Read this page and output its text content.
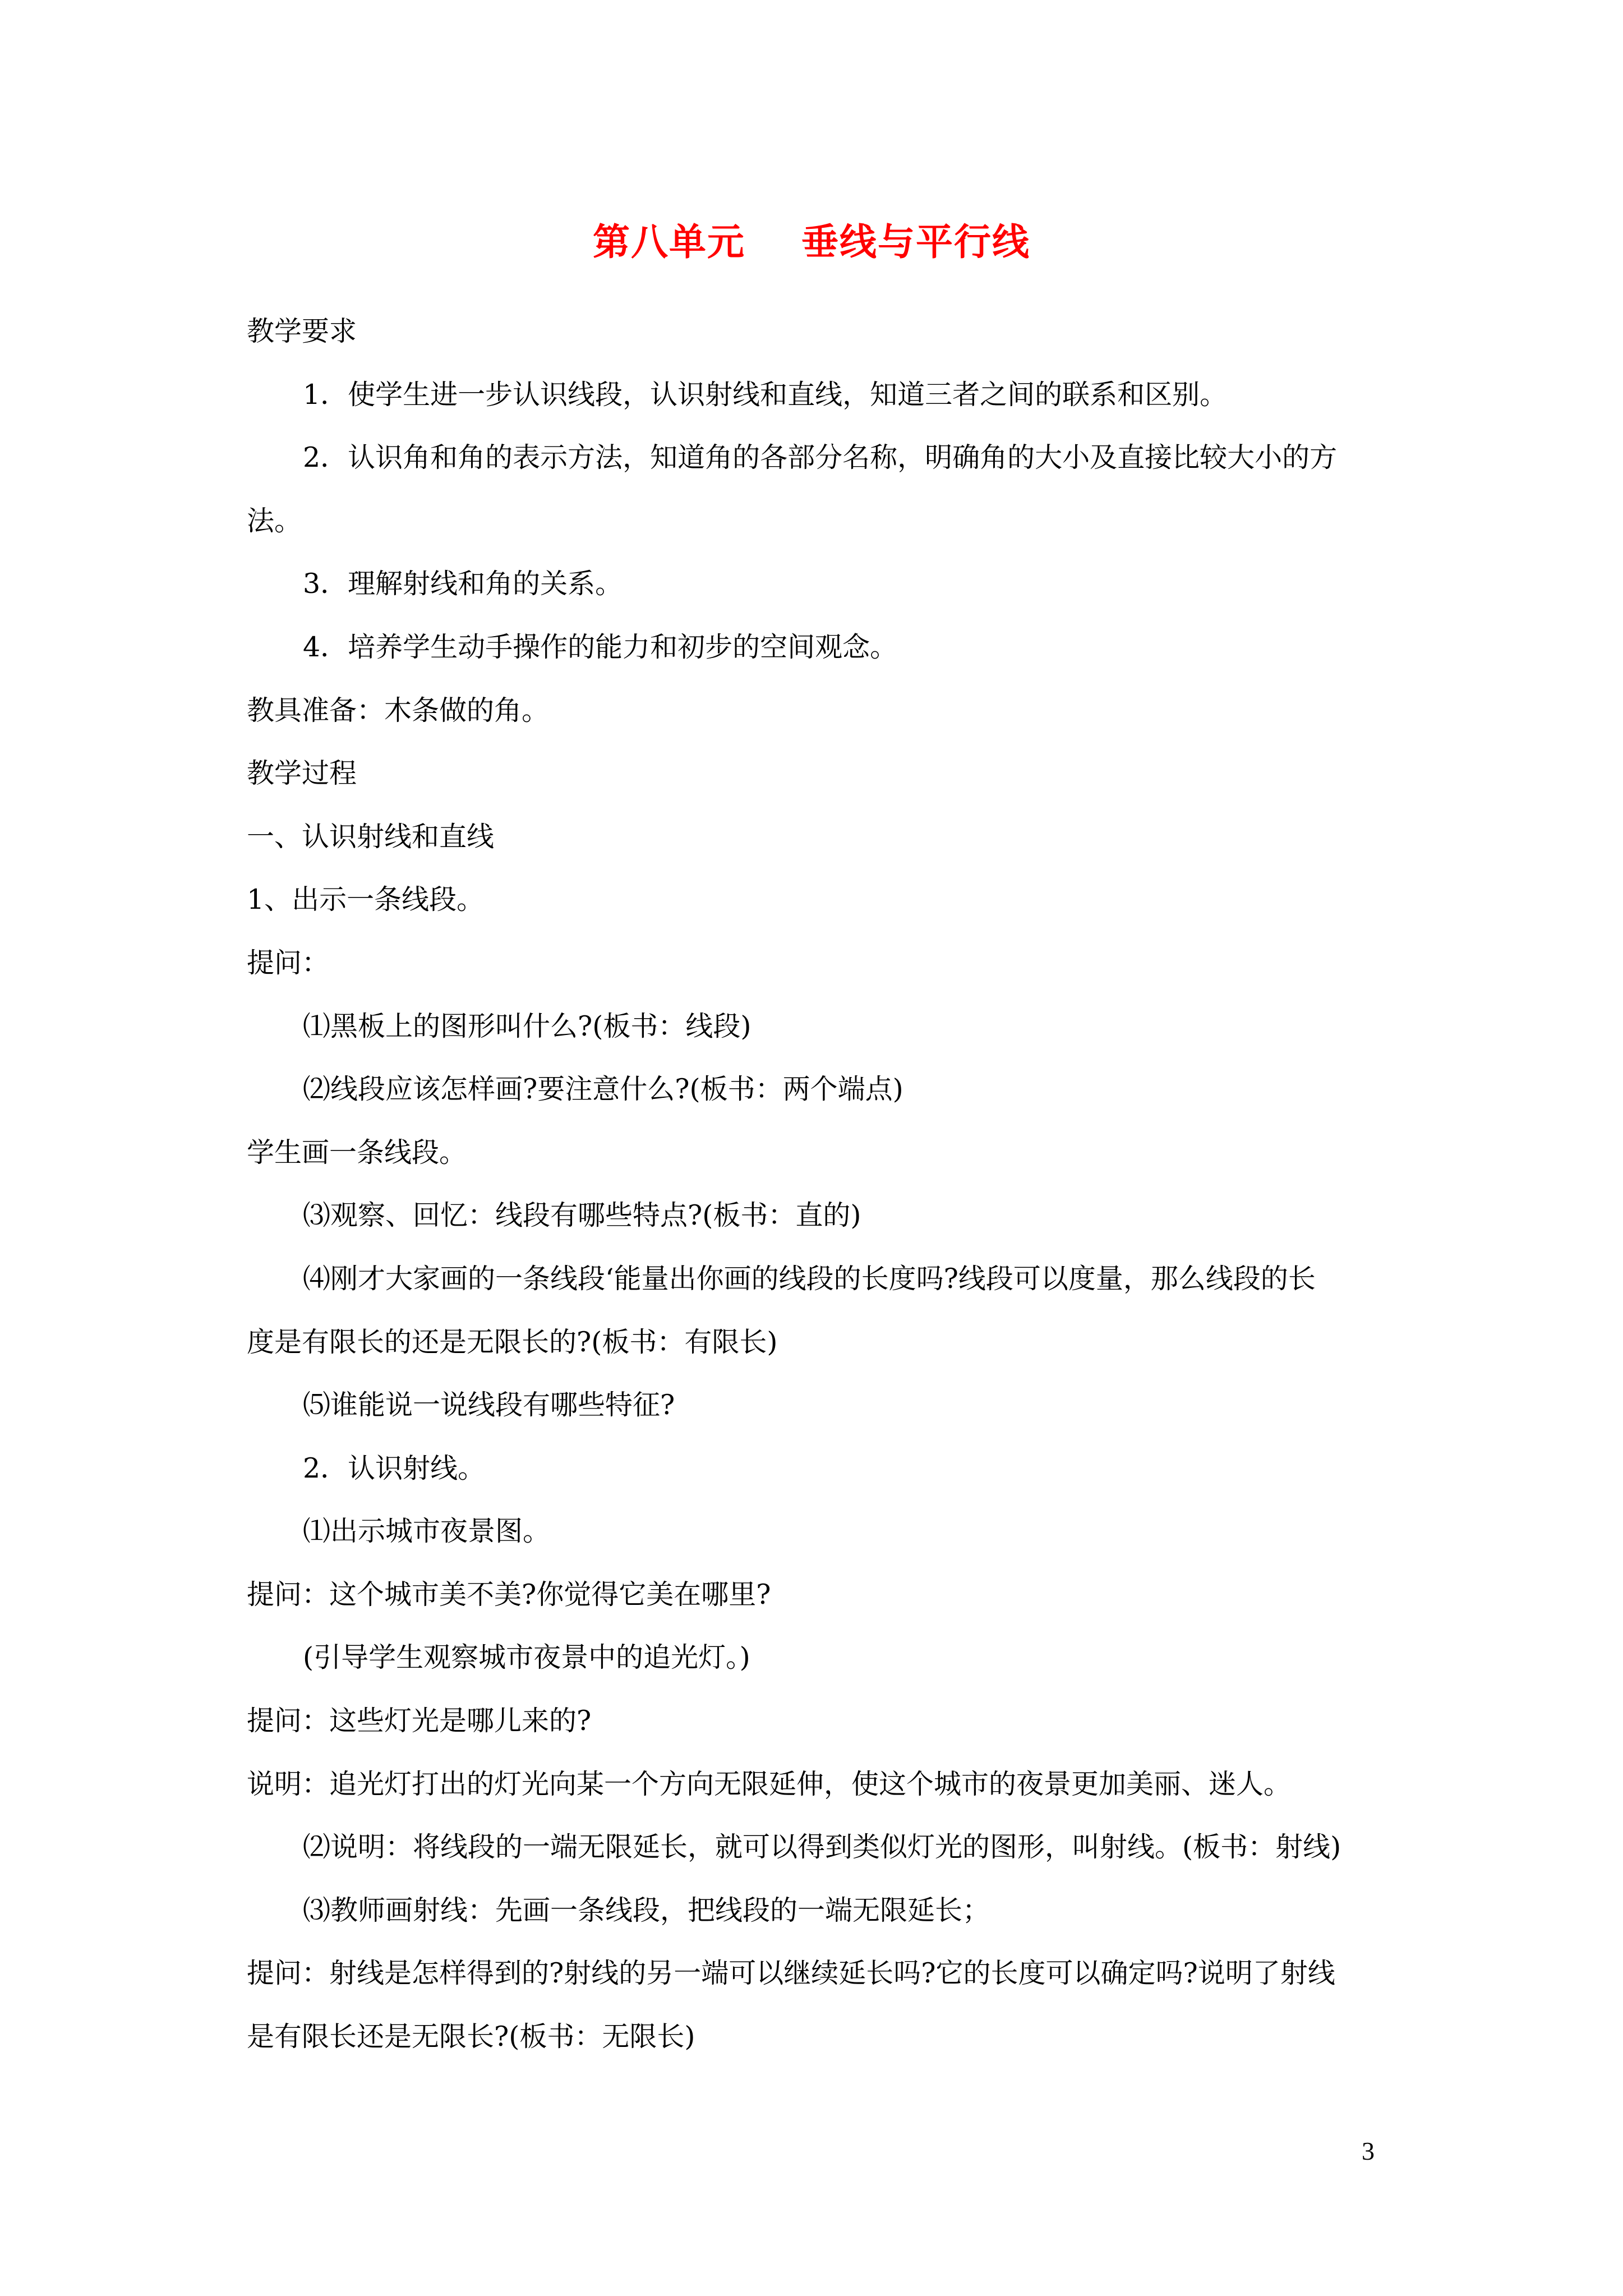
第八单元    垂线与平行线
教学要求
1．使学生进一步认识线段，认识射线和直线，知道三者之间的联系和区别。
2．认识角和角的表示方法，知道角的各部分名称，明确角的大小及直接比较大小的方
法。
3．理解射线和角的关系。
4．培养学生动手操作的能力和初步的空间观念。
教具准备：木条做的角。
教学过程
一、认识射线和直线
1、出示一条线段。
提问：
⑴黑板上的图形叫什么?(板书：线段)
⑵线段应该怎样画?要注意什么?(板书：两个端点)
学生画一条线段。
⑶观察、回忆：线段有哪些特点?(板书：直的)
⑷刚才大家画的一条线段‘能量出你画的线段的长度吗?线段可以度量，那么线段的长
度是有限长的还是无限长的?(板书：有限长)
⑸谁能说一说线段有哪些特征?
2．认识射线。
⑴出示城市夜景图。
提问：这个城市美不美?你觉得它美在哪里?
(引导学生观察城市夜景中的追光灯。)
提问：这些灯光是哪儿来的?
说明：追光灯打出的灯光向某一个方向无限延伸，使这个城市的夜景更加美丽、迷人。
⑵说明：将线段的一端无限延长，就可以得到类似灯光的图形，叫射线。(板书：射线)
⑶教师画射线：先画一条线段，把线段的一端无限延长；
提问：射线是怎样得到的?射线的另一端可以继续延长吗?它的长度可以确定吗?说明了射线
是有限长还是无限长?(板书：无限长)
3
